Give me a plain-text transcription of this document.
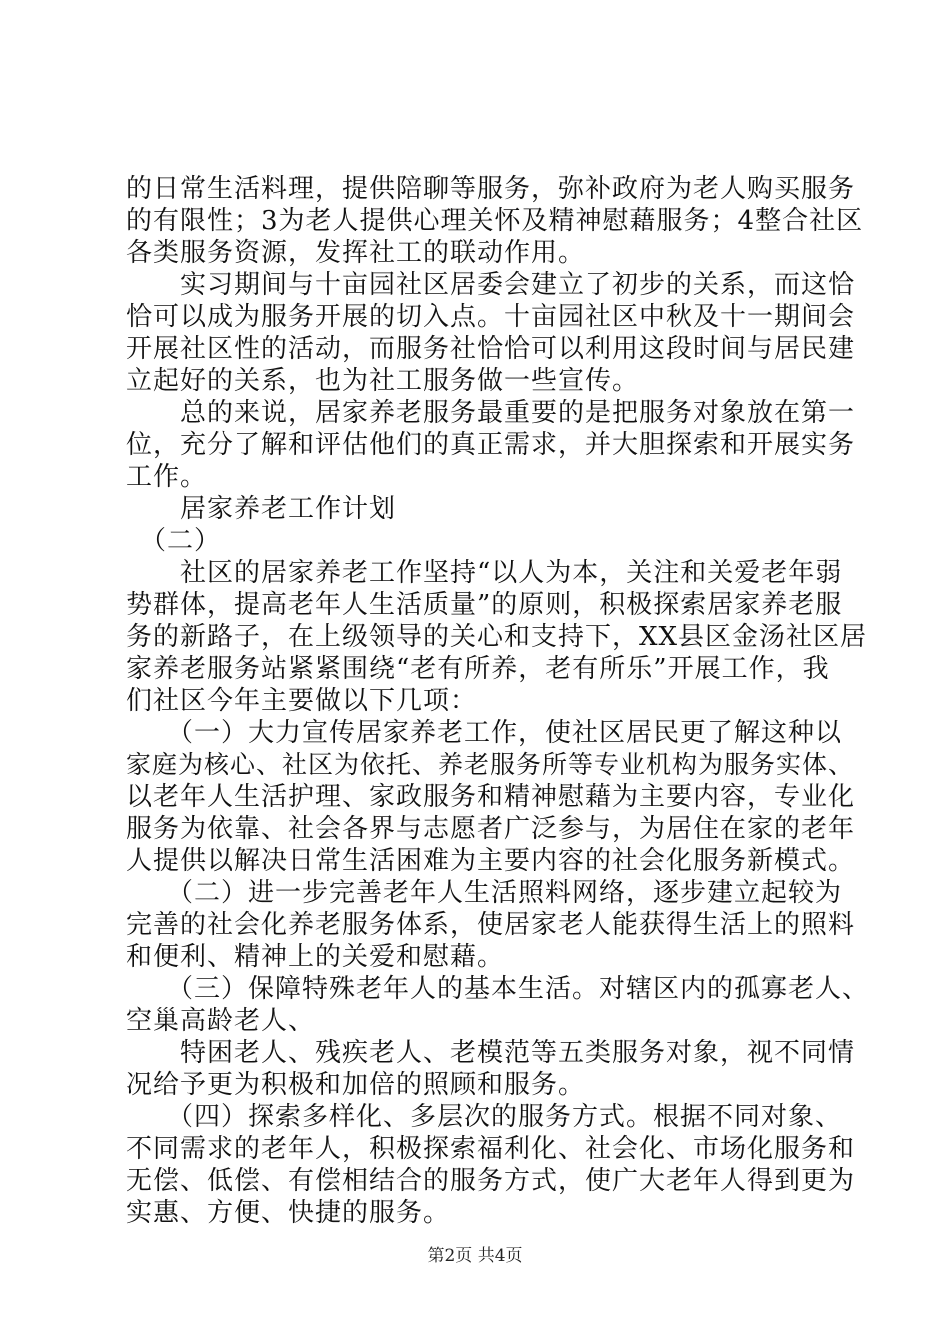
的日常生活料理，提供陪聊等服务，弥补政府为老人购买服务
的有限性；3为老人提供心理关怀及精神慰藉服务；4整合社区
各类服务资源，发挥社工的联动作用。
　　实习期间与十亩园社区居委会建立了初步的关系，而这恰
恰可以成为服务开展的切入点。十亩园社区中秋及十一期间会
开展社区性的活动，而服务社恰恰可以利用这段时间与居民建
立起好的关系，也为社工服务做一些宣传。
　　总的来说，居家养老服务最重要的是把服务对象放在第一
位，充分了解和评估他们的真正需求，并大胆探索和开展实务
工作。
　　居家养老工作计划
　（二）
　　社区的居家养老工作坚持“以人为本，关注和关爱老年弱
势群体，提高老年人生活质量”的原则，积极探索居家养老服
务的新路子，在上级领导的关心和支持下，XX县区金汤社区居
家养老服务站紧紧围绕“老有所养，老有所乐”开展工作，我
们社区今年主要做以下几项：
　　（一）大力宣传居家养老工作，使社区居民更了解这种以
家庭为核心、社区为依托、养老服务所等专业机构为服务实体、
以老年人生活护理、家政服务和精神慰藉为主要内容，专业化
服务为依靠、社会各界与志愿者广泛参与，为居住在家的老年
人提供以解决日常生活困难为主要内容的社会化服务新模式。
　　（二）进一步完善老年人生活照料网络，逐步建立起较为
完善的社会化养老服务体系，使居家老人能获得生活上的照料
和便利、精神上的关爱和慰藉。
　　（三）保障特殊老年人的基本生活。对辖区内的孤寡老人、
空巢高龄老人、
　　特困老人、残疾老人、老模范等五类服务对象，视不同情
况给予更为积极和加倍的照顾和服务。
　　（四）探索多样化、多层次的服务方式。根据不同对象、
不同需求的老年人，积极探索福利化、社会化、市场化服务和
无偿、低偿、有偿相结合的服务方式，使广大老年人得到更为
实惠、方便、快捷的服务。
第2页 共4页
